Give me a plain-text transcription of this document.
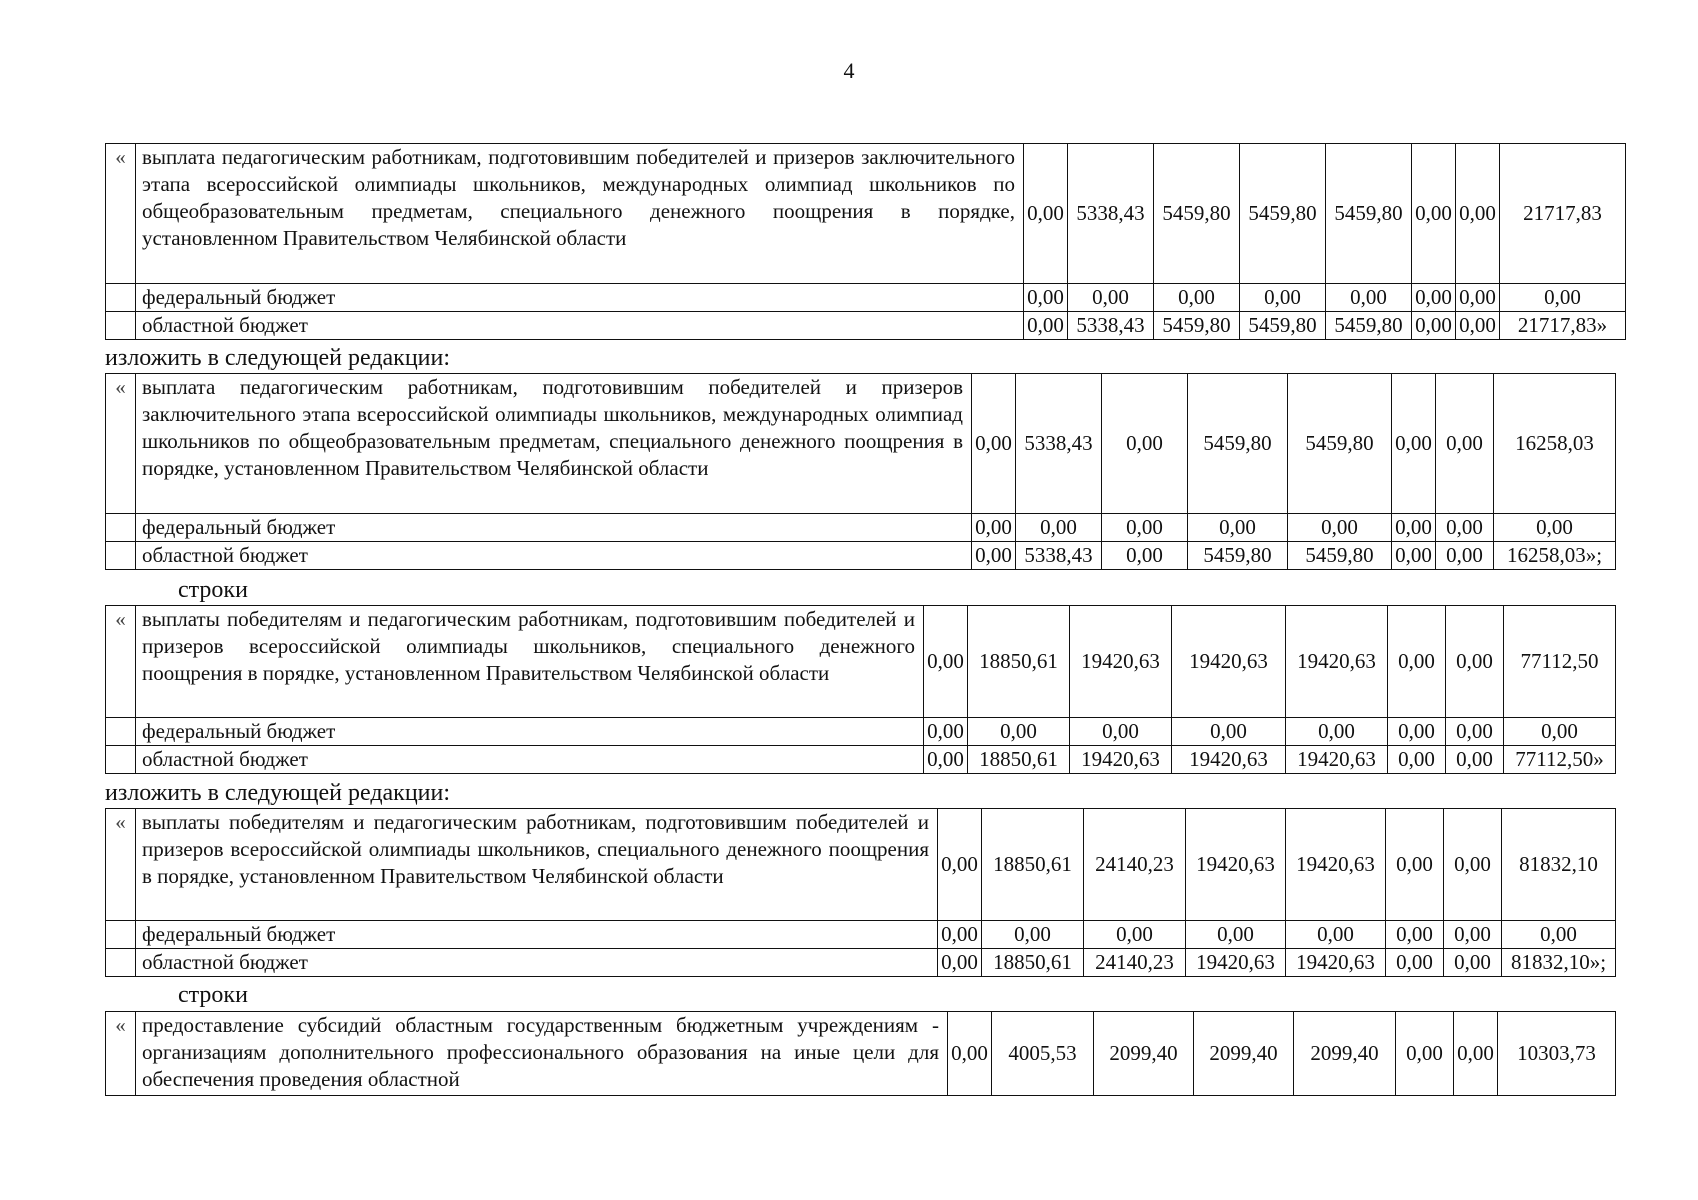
4
«	выплата педагогическим работникам, подготовившим победителей и призеров заключительного этапа всероссийской олимпиады школьников, международных олимпиад школьников по общеобразовательным предметам, специального денежного поощрения в порядке, установленном Правительством Челябинской области	0,00	5338,43	5459,80	5459,80	5459,80	0,00	0,00	21717,83
	федеральный бюджет	0,00	0,00	0,00	0,00	0,00	0,00	0,00	0,00
	областной бюджет	0,00	5338,43	5459,80	5459,80	5459,80	0,00	0,00	21717,83»
изложить в следующей редакции:
«	выплата педагогическим работникам, подготовившим победителей и призеров заключительного этапа всероссийской олимпиады школьников, международных олимпиад школьников по общеобразовательным предметам, специального денежного поощрения в порядке, установленном Правительством Челябинской области	0,00	5338,43	0,00	5459,80	5459,80	0,00	0,00	16258,03
	федеральный бюджет	0,00	0,00	0,00	0,00	0,00	0,00	0,00	0,00
	областной бюджет	0,00	5338,43	0,00	5459,80	5459,80	0,00	0,00	16258,03»;
строки
«	выплаты победителям и педагогическим работникам, подготовившим победителей и призеров всероссийской олимпиады школьников, специального денежного поощрения в порядке, установленном Правительством Челябинской области	0,00	18850,61	19420,63	19420,63	19420,63	0,00	0,00	77112,50
	федеральный бюджет	0,00	0,00	0,00	0,00	0,00	0,00	0,00	0,00
	областной бюджет	0,00	18850,61	19420,63	19420,63	19420,63	0,00	0,00	77112,50»
изложить в следующей редакции:
«	выплаты победителям и педагогическим работникам, подготовившим победителей и призеров всероссийской олимпиады школьников, специального денежного поощрения в порядке, установленном Правительством Челябинской области	0,00	18850,61	24140,23	19420,63	19420,63	0,00	0,00	81832,10
	федеральный бюджет	0,00	0,00	0,00	0,00	0,00	0,00	0,00	0,00
	областной бюджет	0,00	18850,61	24140,23	19420,63	19420,63	0,00	0,00	81832,10»;
строки
«	предоставление субсидий областным государственным бюджетным учреждениям - организациям дополнительного профессионального образования на иные цели для обеспечения проведения областной	0,00	4005,53	2099,40	2099,40	2099,40	0,00	0,00	10303,73
